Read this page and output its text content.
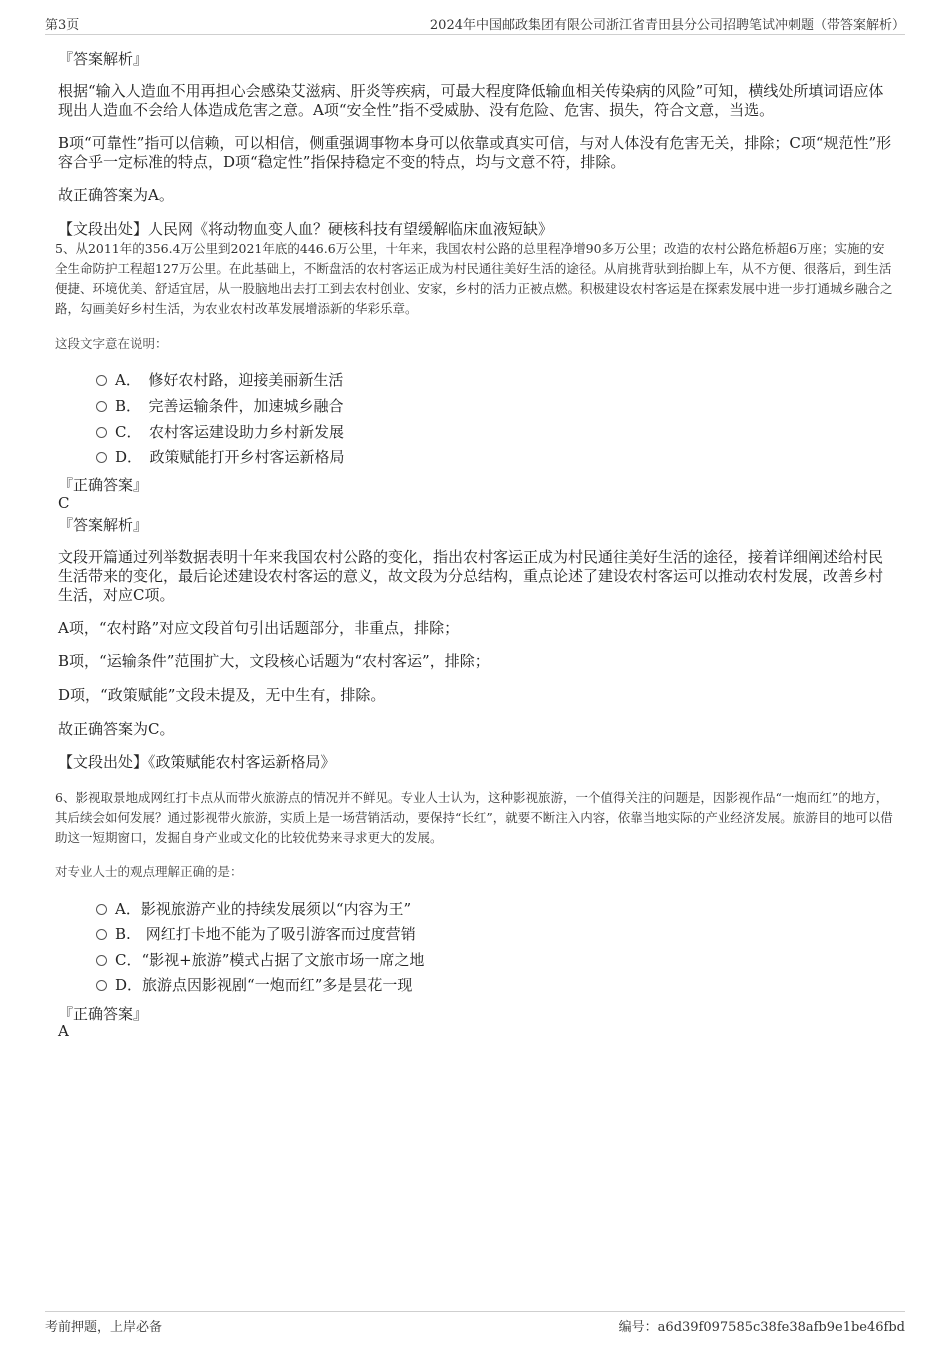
第3页	2024年中国邮政集团有限公司浙江省青田县分公司招聘笔试冲刺题（带答案解析）
『答案解析』
根据“输入人造血不用再担心会感染艾滋病、肝炎等疾病，可最大程度降低输血相关传染病的风险”可知，横线处所填词语应体现出人造血不会给人体造成危害之意。A项“安全性”指不受威胁、没有危险、危害、损失，符合文意，当选。
B项“可靠性”指可以信赖，可以相信，侧重强调事物本身可以依靠或真实可信，与对人体没有危害无关，排除；C项“规范性”形容合乎一定标准的特点，D项“稳定性”指保持稳定不变的特点，均与文意不符，排除。
故正确答案为A。
【文段出处】人民网《将动物血变人血？硬核科技有望缓解临床血液短缺》
5、从2011年的356.4万公里到2021年底的446.6万公里，十年来，我国农村公路的总里程净增90多万公里；改造的农村公路危桥超6万座；实施的安全生命防护工程超127万公里。在此基础上，不断盘活的农村客运正成为村民通往美好生活的途径。从肩挑背驮到抬脚上车，从不方便、很落后，到生活便捷、环境优美、舒适宜居，从一股脑地出去打工到去农村创业、安家，乡村的活力正被点燃。积极建设农村客运是在探索发展中进一步打通城乡融合之路，勾画美好乡村生活，为农业农村改革发展增添新的华彩乐章。
这段文字意在说明：
A．　修好农村路，迎接美丽新生活
B．　完善运输条件，加速城乡融合
C．　农村客运建设助力乡村新发展
D．　政策赋能打开乡村客运新格局
『正确答案』
C
『答案解析』
文段开篇通过列举数据表明十年来我国农村公路的变化，指出农村客运正成为村民通往美好生活的途径，接着详细阐述给村民生活带来的变化，最后论述建设农村客运的意义，故文段为分总结构，重点论述了建设农村客运可以推动农村发展，改善乡村生活，对应C项。
A项，“农村路”对应文段首句引出话题部分，非重点，排除；
B项，“运输条件”范围扩大，文段核心话题为“农村客运”，排除；
D项，“政策赋能”文段未提及，无中生有，排除。
故正确答案为C。
【文段出处】《政策赋能农村客运新格局》
6、影视取景地成网红打卡点从而带火旅游点的情况并不鲜见。专业人士认为，这种影视旅游，一个值得关注的问题是，因影视作品“一炮而红”的地方，其后续会如何发展？通过影视带火旅游，实质上是一场营销活动，要保持“长红”，就要不断注入内容，依靠当地实际的产业经济发展。旅游目的地可以借助这一短期窗口，发掘自身产业或文化的比较优势来寻求更大的发展。
对专业人士的观点理解正确的是：
A．影视旅游产业的持续发展须以“内容为王”
B.　网红打卡地不能为了吸引游客而过度营销
C．“影视+旅游”模式占据了文旅市场一席之地
D．旅游点因影视剧“一炮而红”多是昙花一现
『正确答案』
A
考前押题，上岸必备	编号：a6d39f097585c38fe38afb9e1be46fbd
